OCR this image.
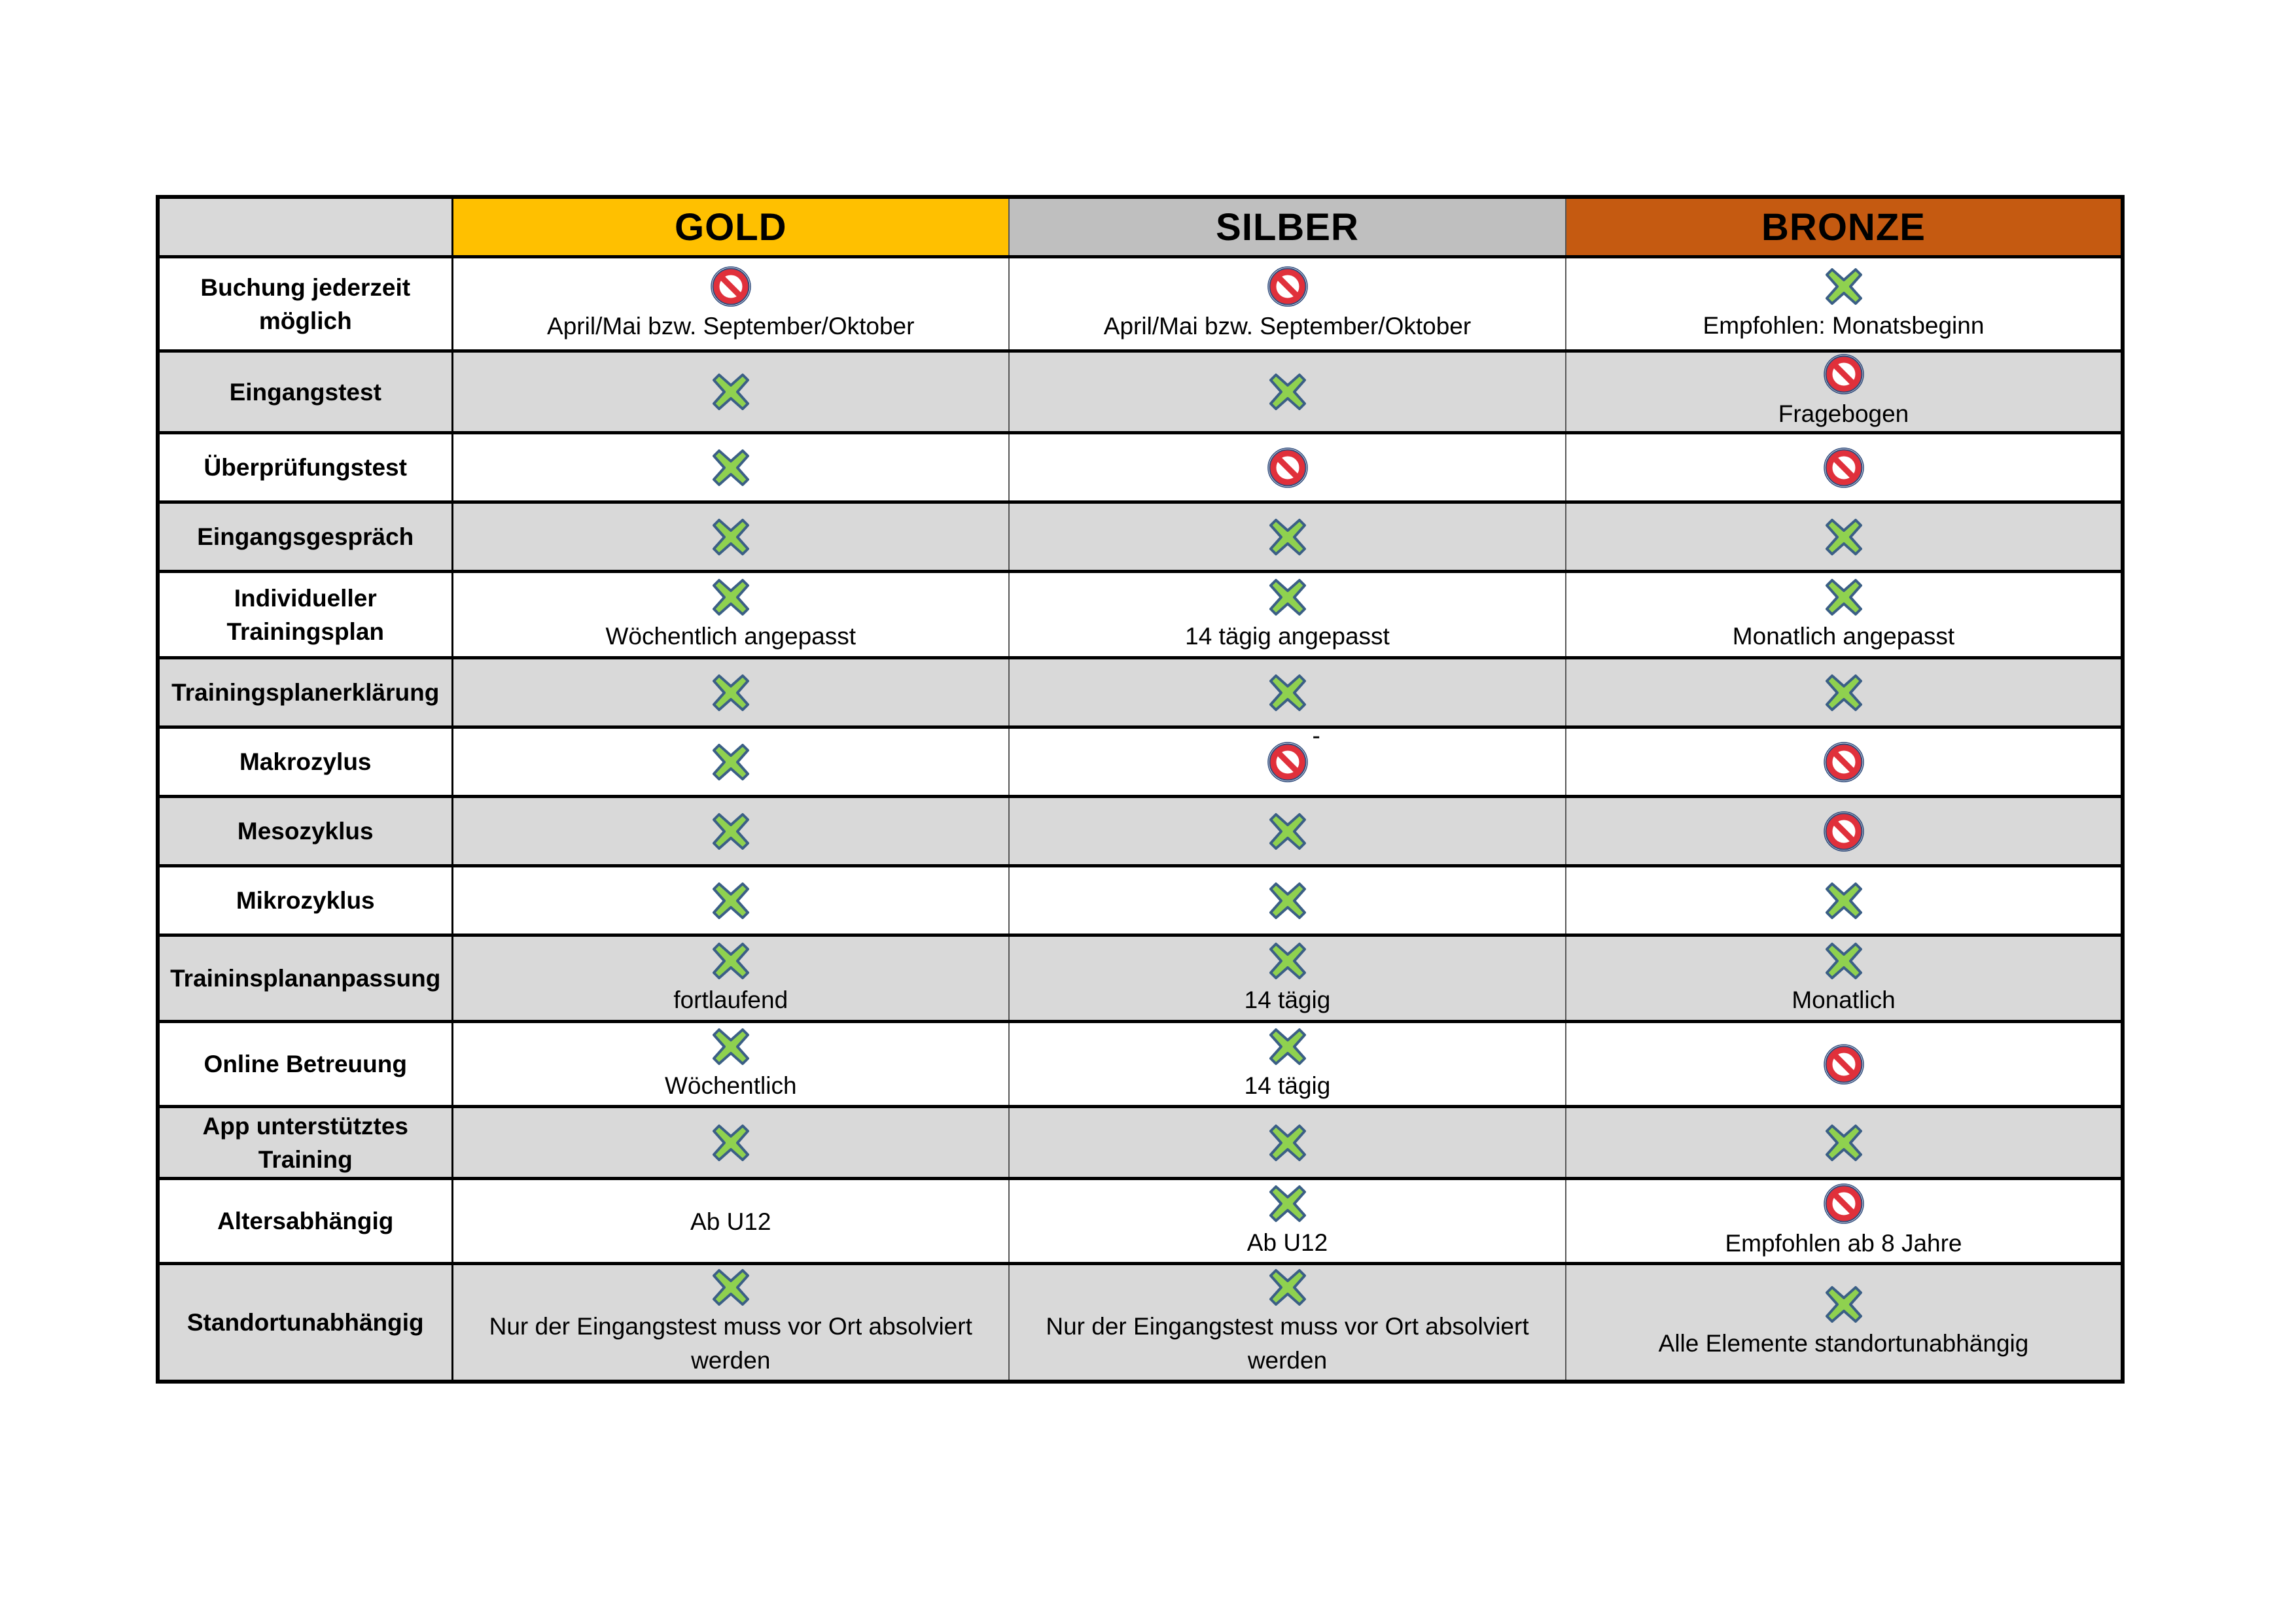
	GOLD	SILBER	BRONZE
Buchung jederzeit möglich	April/Mai bzw. September/Oktober	April/Mai bzw. September/Oktober	Empfohlen: Monatsbeginn

Eingangstest			Fragebogen

Überprüfungstest	

Eingangsgespräch	

Individueller Trainingsplan	Wöchentlich angepasst	14 tägig angepasst	Monatlich angepasst

Trainingsplanerklärung		-

Makrozylus	

Mesozyklus	

Mikrozyklus	

Traininsplananpassung	fortlaufend	14 tägig	Monatlich

Online Betreuung	Wöchentlich	14 tägig

App unterstütztes Training	

Altersabhängig	Ab U12	Ab U12	Empfohlen ab 8 Jahre

Standortunabhängig	Nur der Eingangstest muss vor Ort absolviert werden	Nur der Eingangstest muss vor Ort absolviert werden	Alle Elemente standortunabhängig
